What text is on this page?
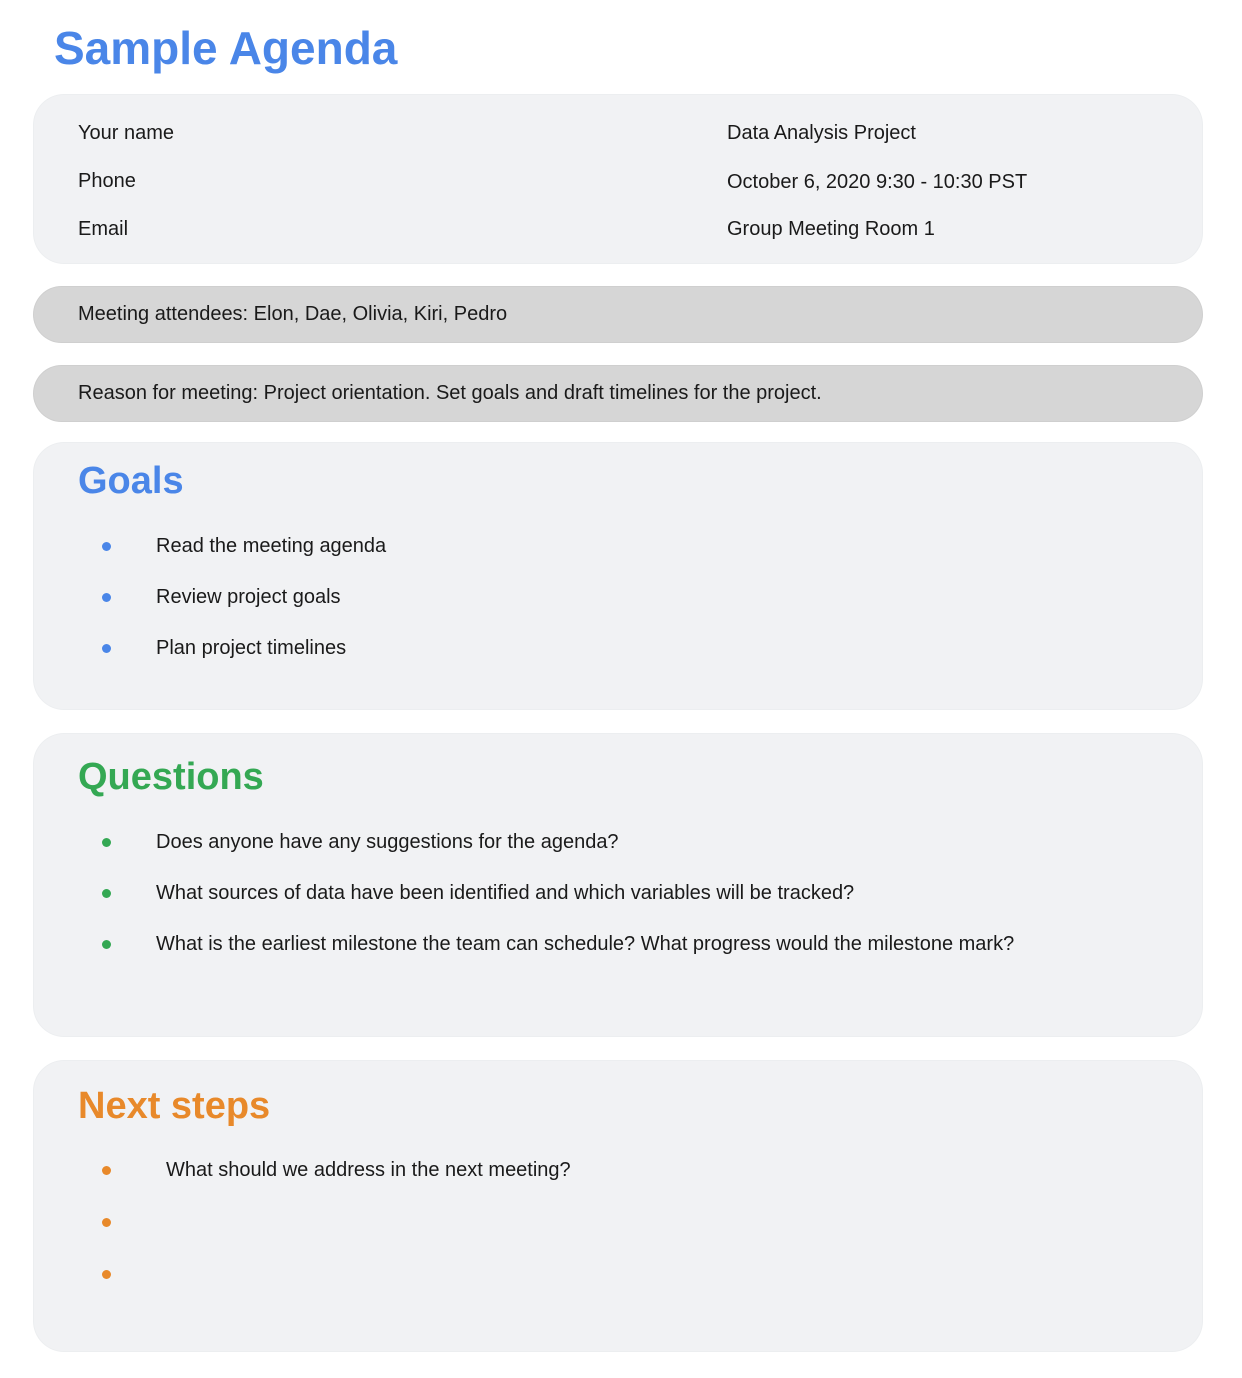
Sample Agenda

Your name

Phone

Email

Data Analysis Project

October 6, 2020 9:30 - 10:30 PST

Group Meeting Room 1

Meeting attendees: Elon, Dae, Olivia, Kiri, Pedro
Reason for meeting: Project orientation. Set goals and draft timelines for the project.
Goals
Read the meeting agenda
Review project goals
Plan project timelines
Questions
Does anyone have any suggestions for the agenda?
What sources of data have been identified and which variables will be tracked?
What is the earliest milestone the team can schedule? What progress would the milestone mark?
Next steps
What should we address in the next meeting?
